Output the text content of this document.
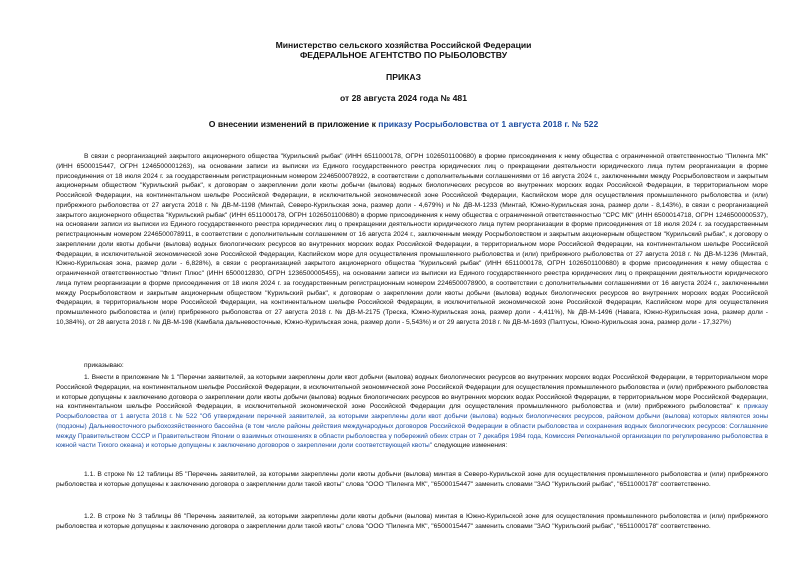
Министерство сельского хозяйства Российской Федерации
ФЕДЕРАЛЬНОЕ АГЕНТСТВО ПО РЫБОЛОВСТВУ
ПРИКАЗ
от 28 августа 2024 года № 481
О внесении изменений в приложение к приказу Росрыболовства от 1 августа 2018 г. № 522

В связи с реорганизацией закрытого акционерного общества "Курильский рыбак" (ИНН 6511000178, ОГРН 1026501100680) в форме присоединения к нему общества с ограниченной ответственностью "Пиленга МК" (ИНН 6500015447, ОГРН 1246500001263), на основании записи из выписки из Единого государственного реестра юридических лиц о прекращении деятельности юридического лица путем реорганизации в форме присоединения от 18 июля 2024 г. за государственным регистрационным номером 2246500078922, в соответствии с дополнительными соглашениями от 16 августа 2024 г., заключенными между Росрыболовством и закрытым акционерным обществом "Курильский рыбак", к договорам о закреплении доли квоты добычи (вылова) водных биологических ресурсов во внутренних морских водах Российской Федерации, в территориальном море Российской Федерации, на континентальном шельфе Российской Федерации, в исключительной экономической зоне Российской Федерации, Каспийском море для осуществления промышленного рыболовства и (или) прибрежного рыболовства от 27 августа 2018 г. № ДВ-М-1198 (Минтай, Северо-Курильская зона, размер доли - 4,679%) и № ДВ-М-1233 (Минтай, Южно-Курильская зона, размер доли - 8,143%), в связи с реорганизацией закрытого акционерного общества "Курильский рыбак" (ИНН 6511000178, ОГРН 1026501100680) в форме присоединения к нему общества с ограниченной ответственностью "СРС МК" (ИНН 6500014718, ОГРН 1246500000537), на основании записи из выписки из Единого государственного реестра юридических лиц о прекращении деятельности юридического лица путем реорганизации в форме присоединения от 18 июля 2024 г. за государственным регистрационным номером 2246500078911, в соответствии с дополнительным соглашением от 16 августа 2024 г., заключенным между Росрыболовством и закрытым акционерным обществом "Курильский рыбак", к договору о закреплении доли квоты добычи (вылова) водных биологических ресурсов во внутренних морских водах Российской Федерации, в территориальном море Российской Федерации, на континентальном шельфе Российской Федерации, в исключительной экономической зоне Российской Федерации, Каспийском море для осуществления промышленного рыболовства и (или) прибрежного рыболовства от 27 августа 2018 г. № ДВ-М-1236 (Минтай, Южно-Курильская зона, размер доли - 6,828%), в связи с реорганизацией закрытого акционерного общества "Курильский рыбак" (ИНН 6511000178, ОГРН 1026501100680) в форме присоединения к нему общества с ограниченной ответственностью "Флинт Плюс" (ИНН 6500012830, ОГРН 1236500005455), на основании записи из выписки из Единого государственного реестра юридических лиц о прекращении деятельности юридического лица путем реорганизации в форме присоединения от 18 июля 2024 г. за государственным регистрационным номером 2246500078900, в соответствии с дополнительными соглашениями от 16 августа 2024 г., заключенными между Росрыболовством и закрытым акционерным обществом "Курильский рыбак", к договорам о закреплении доли квоты добычи (вылова) водных биологических ресурсов во внутренних морских водах Российской Федерации, в территориальном море Российской Федерации, на континентальном шельфе Российской Федерации, в исключительной экономической зоне Российской Федерации, Каспийском море для осуществления промышленного рыболовства и (или) прибрежного рыболовства от 27 августа 2018 г. № ДВ-М-2175 (Треска, Южно-Курильская зона, размер доли - 4,411%), № ДВ-М-1496 (Навага, Южно-Курильская зона, размер доли - 10,384%), от 28 августа 2018 г. № ДВ-М-198 (Камбала дальневосточные, Южно-Курильская зона, размер доли - 5,543%) и от 29 августа 2018 г. № ДВ-М-1693 (Палтусы, Южно-Курильская зона, размер доли - 17,327%)

приказываю:

1. Внести в приложение № 1 "Перечни заявителей, за которыми закреплены доли квот добычи (вылова) водных биологических ресурсов во внутренних морских водах Российской Федерации, в территориальном море Российской Федерации, на континентальном шельфе Российской Федерации, в исключительной экономической зоне Российской Федерации для осуществления промышленного рыболовства и (или) прибрежного рыболовства и которые допущены к заключению договора о закреплении доли квоты добычи (вылова) водных биологических ресурсов во внутренних морских водах Российской Федерации, в территориальном море Российской Федерации, на континентальном шельфе Российской Федерации, в исключительной экономической зоне Российской Федерации для осуществления промышленного рыболовства и (или) прибрежного рыболовства" к приказу Росрыболовства от 1 августа 2018 г. № 522 "Об утверждении перечней заявителей, за которыми закреплены доли квот добычи (вылова) водных биологических ресурсов, районом добычи (вылова) которых являются зоны (подзоны) Дальневосточного рыбохозяйственного бассейна (в том числе районы действия международных договоров Российской Федерации в области рыболовства и сохранения водных биологических ресурсов: Соглашение между Правительством СССР и Правительством Японии о взаимных отношениях в области рыболовства у побережий обеих стран от 7 декабря 1984 года, Комиссия Региональной организации по регулированию рыболовства в южной части Тихого океана) и которые допущены к заключению договоров о закреплении доли соответствующей квоты" следующие изменения:

1.1. В строке № 12 таблицы 85 "Перечень заявителей, за которыми закреплены доли квоты добычи (вылова) минтая в Северо-Курильской зоне для осуществления промышленного рыболовства и (или) прибрежного рыболовства и которые допущены к заключению договора о закреплении доли такой квоты" слова "ООО "Пиленга МК", "6500015447" заменить словами "ЗАО "Курильский рыбак", "6511000178" соответственно.

1.2. В строке № 3 таблицы 86 "Перечень заявителей, за которыми закреплены доли квоты добычи (вылова) минтая в Южно-Курильской зоне для осуществления промышленного рыболовства и (или) прибрежного рыболовства и которые допущены к заключению договора о закреплении доли такой квоты" слова "ООО "Пиленга МК", "6500015447" заменить словами "ЗАО "Курильский рыбак", "6511000178" соответственно.
